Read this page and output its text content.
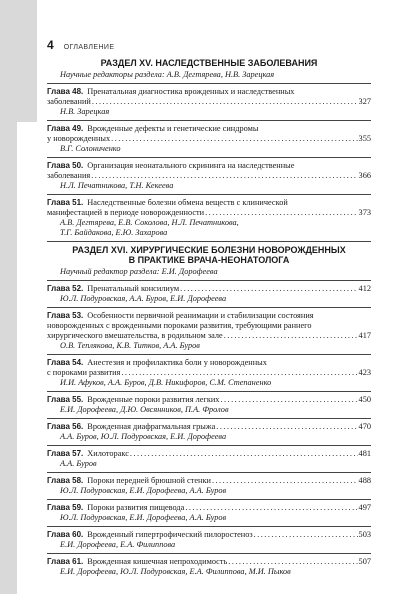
4 ОГЛАВЛЕНИЕ

РАЗДЕЛ XV. НАСЛЕДСТВЕННЫЕ ЗАБОЛЕВАНИЯ

Научные редакторы раздела: А.В. Дегтярева, Н.В. Зарецкая
Глава 48. Пренатальная диагностика врожденных и наследственных
заболеваний . . .	327
Н.В. Зарецкая
Глава 49. Врожденные дефекты и генетические синдромы
у новорожденных . . .	355
В.Г. Солониченко
Глава 50. Организация неонатального скрининга на наследственные
заболевания . . .	366
Н.Л. Печатникова, Т.Н. Кекеева
Глава 51. Наследственные болезни обмена веществ с клинической
манифестацией в периоде новорожденности . . .	373
А.В. Дегтярева, Е.В. Соколова, Н.Л. Печатникова,
Т.Г. Байдакова, Е.Ю. Захарова

РАЗДЕЛ XVI. ХИРУРГИЧЕСКИЕ БОЛЕЗНИ НОВОРОЖДЕННЫХ

В ПРАКТИКЕ ВРАЧА-НЕОНАТОЛОГА

Научный редактор раздела: Е.И. Дорофеева
Глава 52. Пренатальный консилиум . . .	412
Ю.Л. Подуровская, А.А. Буров, Е.И. Дорофеева
Глава 53. Особенности первичной реанимации и стабилизации состояния
новорожденных с врожденными пороками развития, требующими раннего
хирургического вмешательства, в родильном зале . . .	417
О.В. Теплякова, К.В. Титков, А.А. Буров
Глава 54. Анестезия и профилактика боли у новорожденных
с пороками развития . . .	423
И.И. Афуков, А.А. Буров, Д.В. Никифоров, С.М. Степаненко
Глава 55. Врожденные пороки развития легких . . .	450
Е.И. Дорофеева, Д.Ю. Овсянников, П.А. Фролов
Глава 56. Врожденная диафрагмальная грыжа . . .	470
А.А. Буров, Ю.Л. Подуровская, Е.И. Дорофеева
Глава 57. Хилоторакс . . .	481
А.А. Буров
Глава 58. Пороки передней брюшной стенки . . .	488
Ю.Л. Подуровская, Е.И. Дорофеева, А.А. Буров
Глава 59. Пороки развития пищевода . . .	497
Ю.Л. Подуровская, Е.И. Дорофеева, А.А. Буров
Глава 60. Врожденный гипертрофический пилоростеноз . . .	503
Е.И. Дорофеева, Е.А. Филиппова
Глава 61. Врожденная кишечная непроходимость . . .	507
Е.И. Дорофеева, Ю.Л. Подуровская, Е.А. Филиппова, М.И. Пыков
